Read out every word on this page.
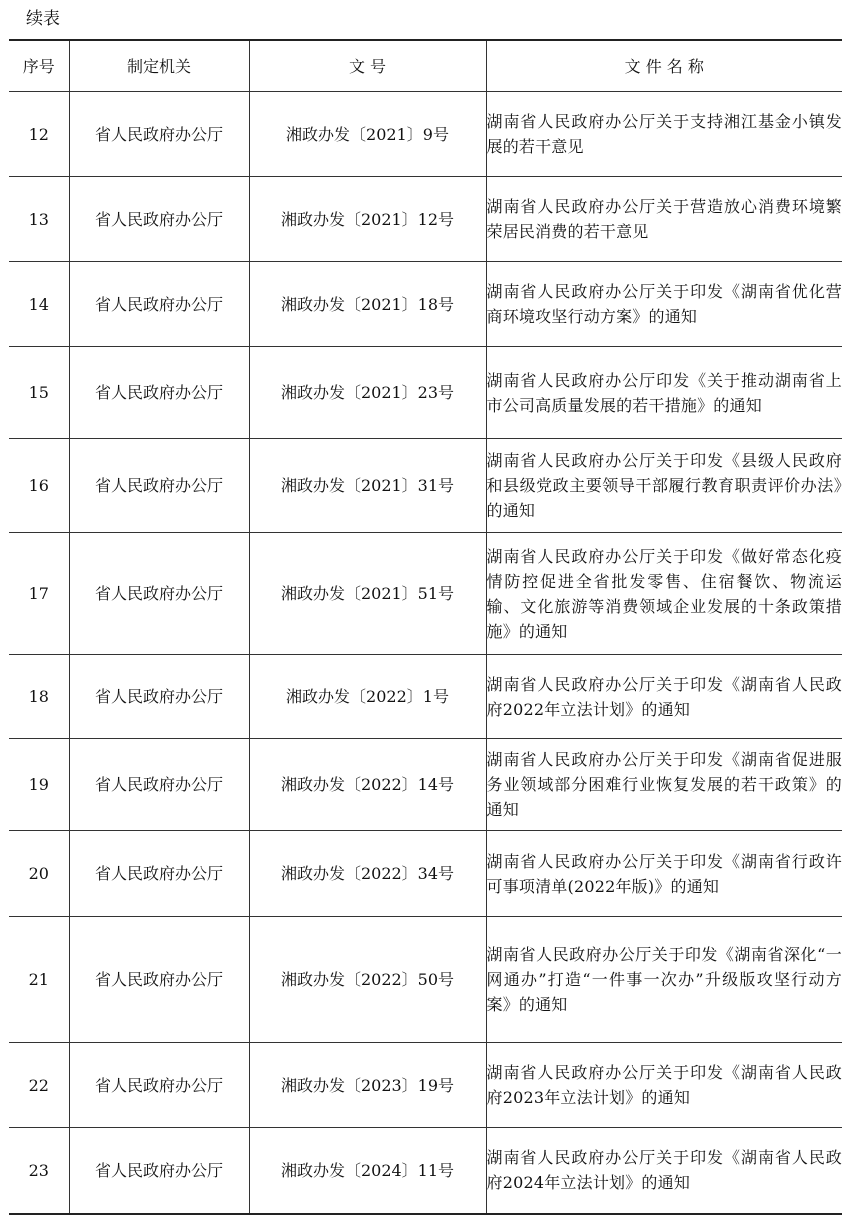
续表
序号	制定机关	文 号	文 件 名 称
12	省人民政府办公厅	湘政办发〔2021〕9号	湖南省人民政府办公厅关于支持湘江基金小镇发展的若干意见
13	省人民政府办公厅	湘政办发〔2021〕12号	湖南省人民政府办公厅关于营造放心消费环境繁荣居民消费的若干意见
14	省人民政府办公厅	湘政办发〔2021〕18号	湖南省人民政府办公厅关于印发《湖南省优化营商环境攻坚行动方案》的通知
15	省人民政府办公厅	湘政办发〔2021〕23号	湖南省人民政府办公厅印发《关于推动湖南省上市公司高质量发展的若干措施》的通知
16	省人民政府办公厅	湘政办发〔2021〕31号	湖南省人民政府办公厅关于印发《县级人民政府和县级党政主要领导干部履行教育职责评价办法》的通知
17	省人民政府办公厅	湘政办发〔2021〕51号	湖南省人民政府办公厅关于印发《做好常态化疫情防控促进全省批发零售、住宿餐饮、物流运输、文化旅游等消费领域企业发展的十条政策措施》的通知
18	省人民政府办公厅	湘政办发〔2022〕1号	湖南省人民政府办公厅关于印发《湖南省人民政府2022年立法计划》的通知
19	省人民政府办公厅	湘政办发〔2022〕14号	湖南省人民政府办公厅关于印发《湖南省促进服务业领域部分困难行业恢复发展的若干政策》的通知
20	省人民政府办公厅	湘政办发〔2022〕34号	湖南省人民政府办公厅关于印发《湖南省行政许可事项清单(2022年版)》的通知
21	省人民政府办公厅	湘政办发〔2022〕50号	湖南省人民政府办公厅关于印发《湖南省深化“一网通办”打造“一件事一次办”升级版攻坚行动方案》的通知
22	省人民政府办公厅	湘政办发〔2023〕19号	湖南省人民政府办公厅关于印发《湖南省人民政府2023年立法计划》的通知
23	省人民政府办公厅	湘政办发〔2024〕11号	湖南省人民政府办公厅关于印发《湖南省人民政府2024年立法计划》的通知
